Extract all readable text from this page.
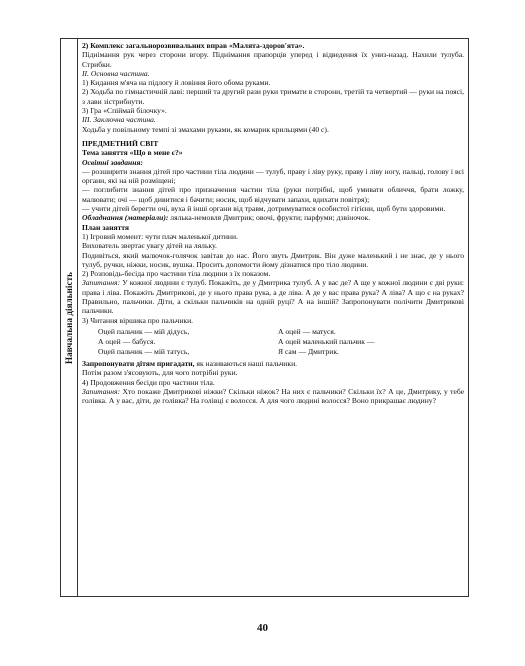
Навчальна діяльність

2) Комплекс загальнорозвивальних вправ «Малята-здоров'ята».

Піднімання рук через сторони вгору. Піднімання прапорців уперед і відведення їх униз-назад. Нахили тулуба. Стрибки.

II. Основна частина.

1) Кидання м'яча на підлогу й ловіння його обома руками.

2) Ходьба по гімнастичній лаві: перший та другий рази руки тримати в сторони, третій та четвертий — руки на поясі, з лави зістрибнути.

3) Гра «Спіймай білочку».

III. Заключна частина.

Ходьба у повільному темпі зі змахами руками, як комарик крильцями (40 с).

ПРЕДМЕТНИЙ СВІТ

Тема заняття «Що в мене є?»

Освітні завдання:

— розширити знання дітей про частини тіла людини — тулуб, праву і ліву руку, праву і ліву ногу, пальці, голову і всі органи, які на ній розміщені;

— поглибити знання дітей про призначення частин тіла (руки потрібні, щоб умивати обличчя, брати ложку, малювати; очі — щоб дивитися і бачити; носик, щоб відчувати запахи, вдихати повітря);

— учити дітей берегти очі, вуха й інші органи від травм, дотримуватися особистої гігієни, щоб бути здоровими.

Обладнання (матеріали): лялька-немовля Дмитрик; овочі, фрукти; парфуми; дзвіночок.

План заняття

1) Ігровий момент: чути плач маленької дитини.

Вихователь звертає увагу дітей на ляльку.

Подивіться, який малючок-голячок завітав до нас. Його звуть Дмитрик. Він дуже маленький і не знає, де у нього тулуб, ручки, ніжки, носик, вушка. Просить допомогти йому дізнатися про тіло людини.

2) Розповідь-бесіда про частини тіла людини з їх показом.

Запитання: У кожної людини є тулуб. Покажіть, де у Дмитрика тулуб. А у вас де? А ще у кожної людини є дві руки: права і ліва. Покажіть Дмитрикові, де у нього права рука, а де ліва. А де у вас права рука? А ліва? А що є на руках? Правильно, пальчики. Діти, а скільки пальчиків на одній руці? А на іншій? Запропонувати полічити Дмитрикові пальчики.

3) Читання віршика про пальчики.

Оцей пальчик — мій дідусь,	А оцей — матуся.
А оцей — бабуся.	А оцей маленький пальчик —
Оцей пальчик — мій татусь,	Я сам — Дмитрик.

Запропонувати дітям пригадати, як називаються наші пальчики.

Потім разом з'ясовують, для чого потрібні руки.

4) Продовження бесіди про частини тіла.

Запитання: Хто покаже Дмитрикові ніжки? Скільки ніжок? На них є пальчики? Скільки їх? А це, Дмитрику, у тебе голівка. А у вас, діти, де голівка? На голівці є волосся. А для чого людині волосся? Воно прикрашає людину?

40
